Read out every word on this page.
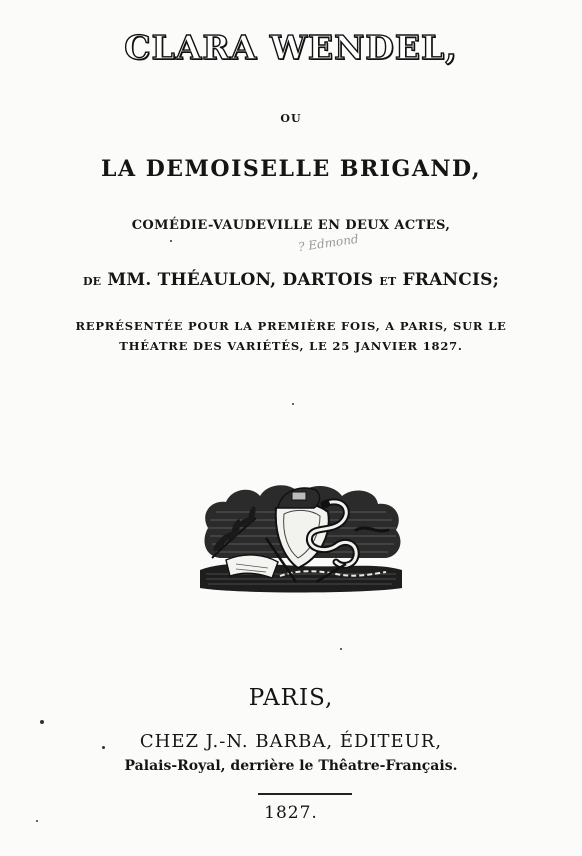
CLARA WENDEL,
OU
LA DEMOISELLE BRIGAND,
COMÉDIE-VAUDEVILLE EN DEUX ACTES,
? Edmond
DE MM. THÉAULON, DARTOIS ET FRANCIS;
REPRÉSENTÉE POUR LA PREMIÈRE FOIS, A PARIS, SUR LE
THÉATRE DES VARIÉTÉS, LE 25 JANVIER 1827.
PARIS,
CHEZ J.-N. BARBA, ÉDITEUR,
Palais-Royal, derrière le Thêatre-Français.
1827.
